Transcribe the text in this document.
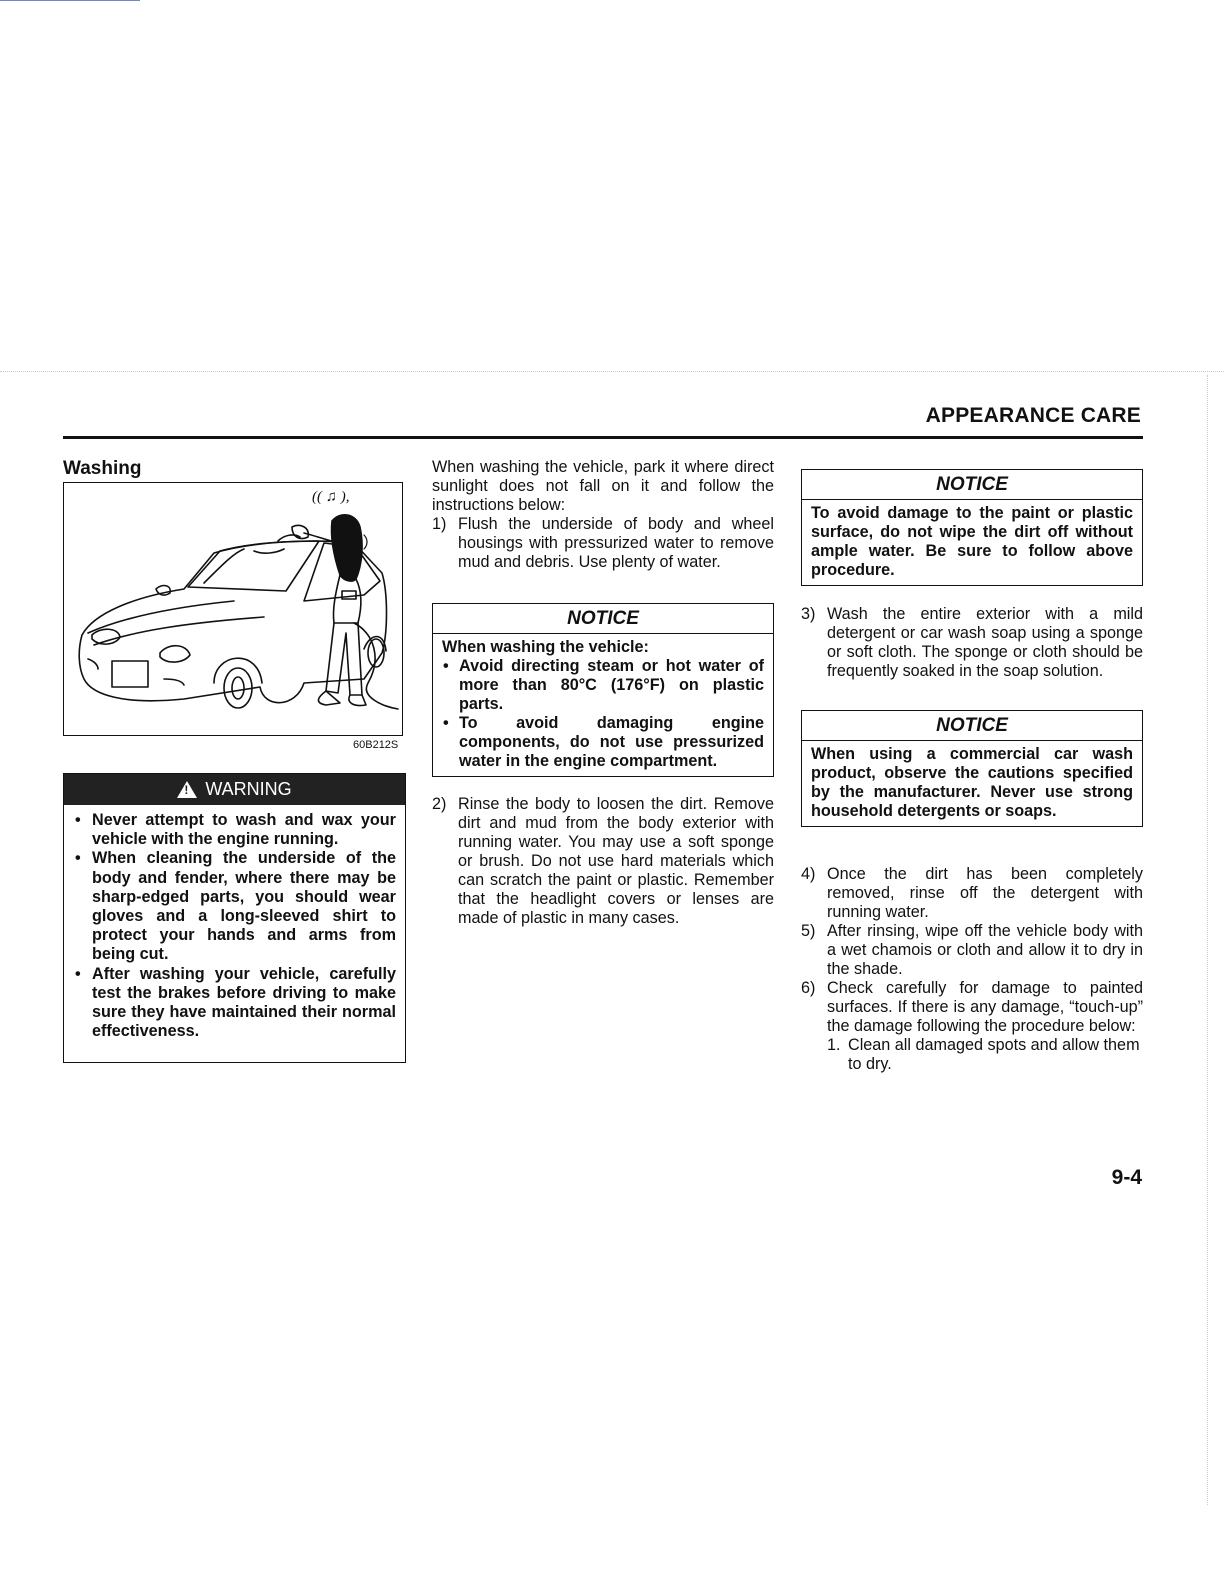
APPEARANCE CARE
Washing
(( ♫ ),
60B212S
! WARNING
• Never attempt to wash and wax your vehicle with the engine running.
• When cleaning the underside of the body and fender, where there may be sharp-edged parts, you should wear gloves and a long-sleeved shirt to protect your hands and arms from being cut.
• After washing your vehicle, carefully test the brakes before driving to make sure they have maintained their normal effectiveness.
When washing the vehicle, park it where direct sunlight does not fall on it and follow the instructions below:
1) Flush the underside of body and wheel housings with pressurized water to remove mud and debris. Use plenty of water.
NOTICE
When washing the vehicle:
• Avoid directing steam or hot water of more than 80°C (176°F) on plastic parts.
• To avoid damaging engine components, do not use pressurized water in the engine compartment.
2) Rinse the body to loosen the dirt. Remove dirt and mud from the body exterior with running water. You may use a soft sponge or brush. Do not use hard materials which can scratch the paint or plastic. Remember that the headlight covers or lenses are made of plastic in many cases.
NOTICE
To avoid damage to the paint or plastic surface, do not wipe the dirt off without ample water. Be sure to follow above procedure.
3) Wash the entire exterior with a mild detergent or car wash soap using a sponge or soft cloth. The sponge or cloth should be frequently soaked in the soap solution.
NOTICE
When using a commercial car wash product, observe the cautions specified by the manufacturer. Never use strong household detergents or soaps.
4) Once the dirt has been completely removed, rinse off the detergent with running water.
5) After rinsing, wipe off the vehicle body with a wet chamois or cloth and allow it to dry in the shade.
6) Check carefully for damage to painted surfaces. If there is any damage, “touch-up” the damage following the procedure below:
1. Clean all damaged spots and allow them to dry.
9-4
